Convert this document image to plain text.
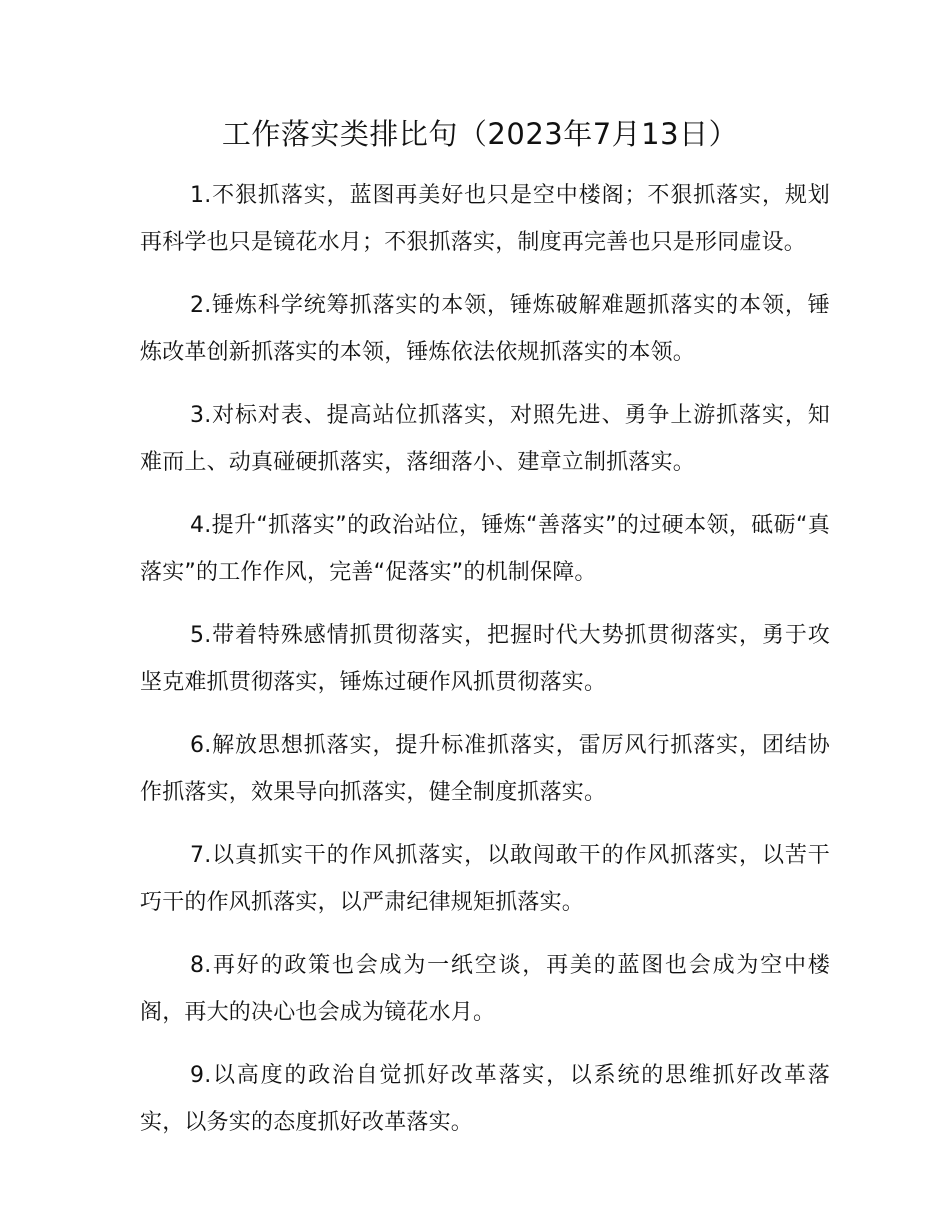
工作落实类排比句（2023年7月13日）

1.不狠抓落实，蓝图再美好也只是空中楼阁；不狠抓落实，规划再科学也只是镜花水月；不狠抓落实，制度再完善也只是形同虚设。

2.锤炼科学统筹抓落实的本领，锤炼破解难题抓落实的本领，锤炼改革创新抓落实的本领，锤炼依法依规抓落实的本领。

3.对标对表、提高站位抓落实，对照先进、勇争上游抓落实，知难而上、动真碰硬抓落实，落细落小、建章立制抓落实。

4.提升“抓落实”的政治站位，锤炼“善落实”的过硬本领，砥砺“真落实”的工作作风，完善“促落实”的机制保障。

5.带着特殊感情抓贯彻落实，把握时代大势抓贯彻落实，勇于攻坚克难抓贯彻落实，锤炼过硬作风抓贯彻落实。

6.解放思想抓落实，提升标准抓落实，雷厉风行抓落实，团结协作抓落实，效果导向抓落实，健全制度抓落实。

7.以真抓实干的作风抓落实，以敢闯敢干的作风抓落实，以苦干巧干的作风抓落实，以严肃纪律规矩抓落实。

8.再好的政策也会成为一纸空谈，再美的蓝图也会成为空中楼阁，再大的决心也会成为镜花水月。

9.以高度的政治自觉抓好改革落实，以系统的思维抓好改革落实，以务实的态度抓好改革落实。
